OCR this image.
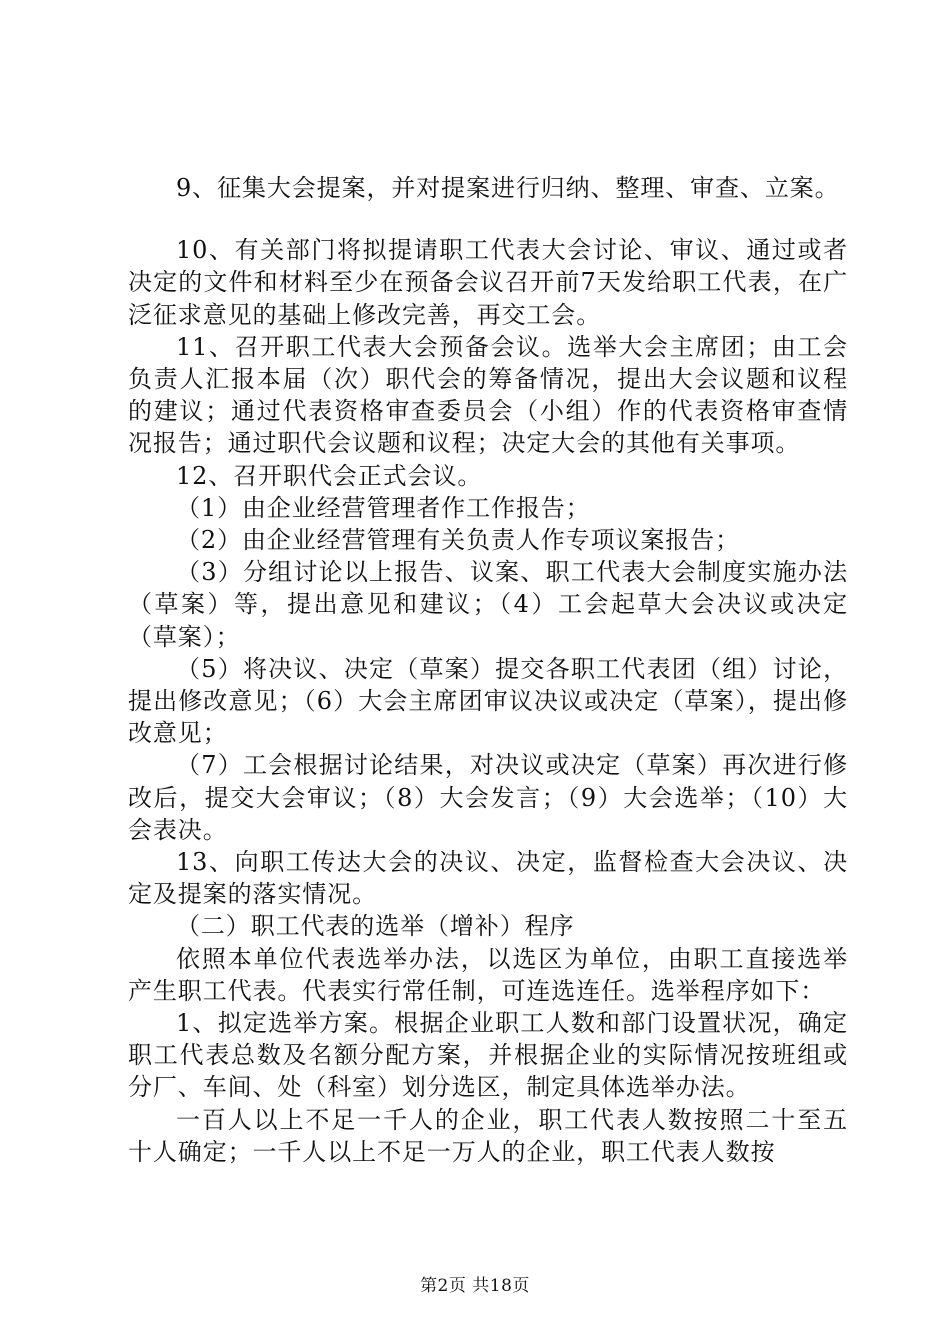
9、征集大会提案，并对提案进行归纳、整理、审查、立案。

10、有关部门将拟提请职工代表大会讨论、审议、通过或者决定的文件和材料至少在预备会议召开前7天发给职工代表，在广泛征求意见的基础上修改完善，再交工会。

11、召开职工代表大会预备会议。选举大会主席团；由工会负责人汇报本届（次）职代会的筹备情况，提出大会议题和议程的建议；通过代表资格审查委员会（小组）作的代表资格审查情况报告；通过职代会议题和议程；决定大会的其他有关事项。

12、召开职代会正式会议。

（1）由企业经营管理者作工作报告；

（2）由企业经营管理有关负责人作专项议案报告；

（3）分组讨论以上报告、议案、职工代表大会制度实施办法（草案）等，提出意见和建议；（4）工会起草大会决议或决定（草案）；

（5）将决议、决定（草案）提交各职工代表团（组）讨论，提出修改意见；（6）大会主席团审议决议或决定（草案），提出修改意见；

（7）工会根据讨论结果，对决议或决定（草案）再次进行修改后，提交大会审议；（8）大会发言；（9）大会选举；（10）大会表决。

13、向职工传达大会的决议、决定，监督检查大会决议、决定及提案的落实情况。

（二）职工代表的选举（增补）程序

依照本单位代表选举办法，以选区为单位，由职工直接选举产生职工代表。代表实行常任制，可连选连任。选举程序如下：

1、拟定选举方案。根据企业职工人数和部门设置状况，确定职工代表总数及名额分配方案，并根据企业的实际情况按班组或分厂、车间、处（科室）划分选区，制定具体选举办法。

一百人以上不足一千人的企业，职工代表人数按照二十至五十人确定；一千人以上不足一万人的企业，职工代表人数按

第2页 共18页
